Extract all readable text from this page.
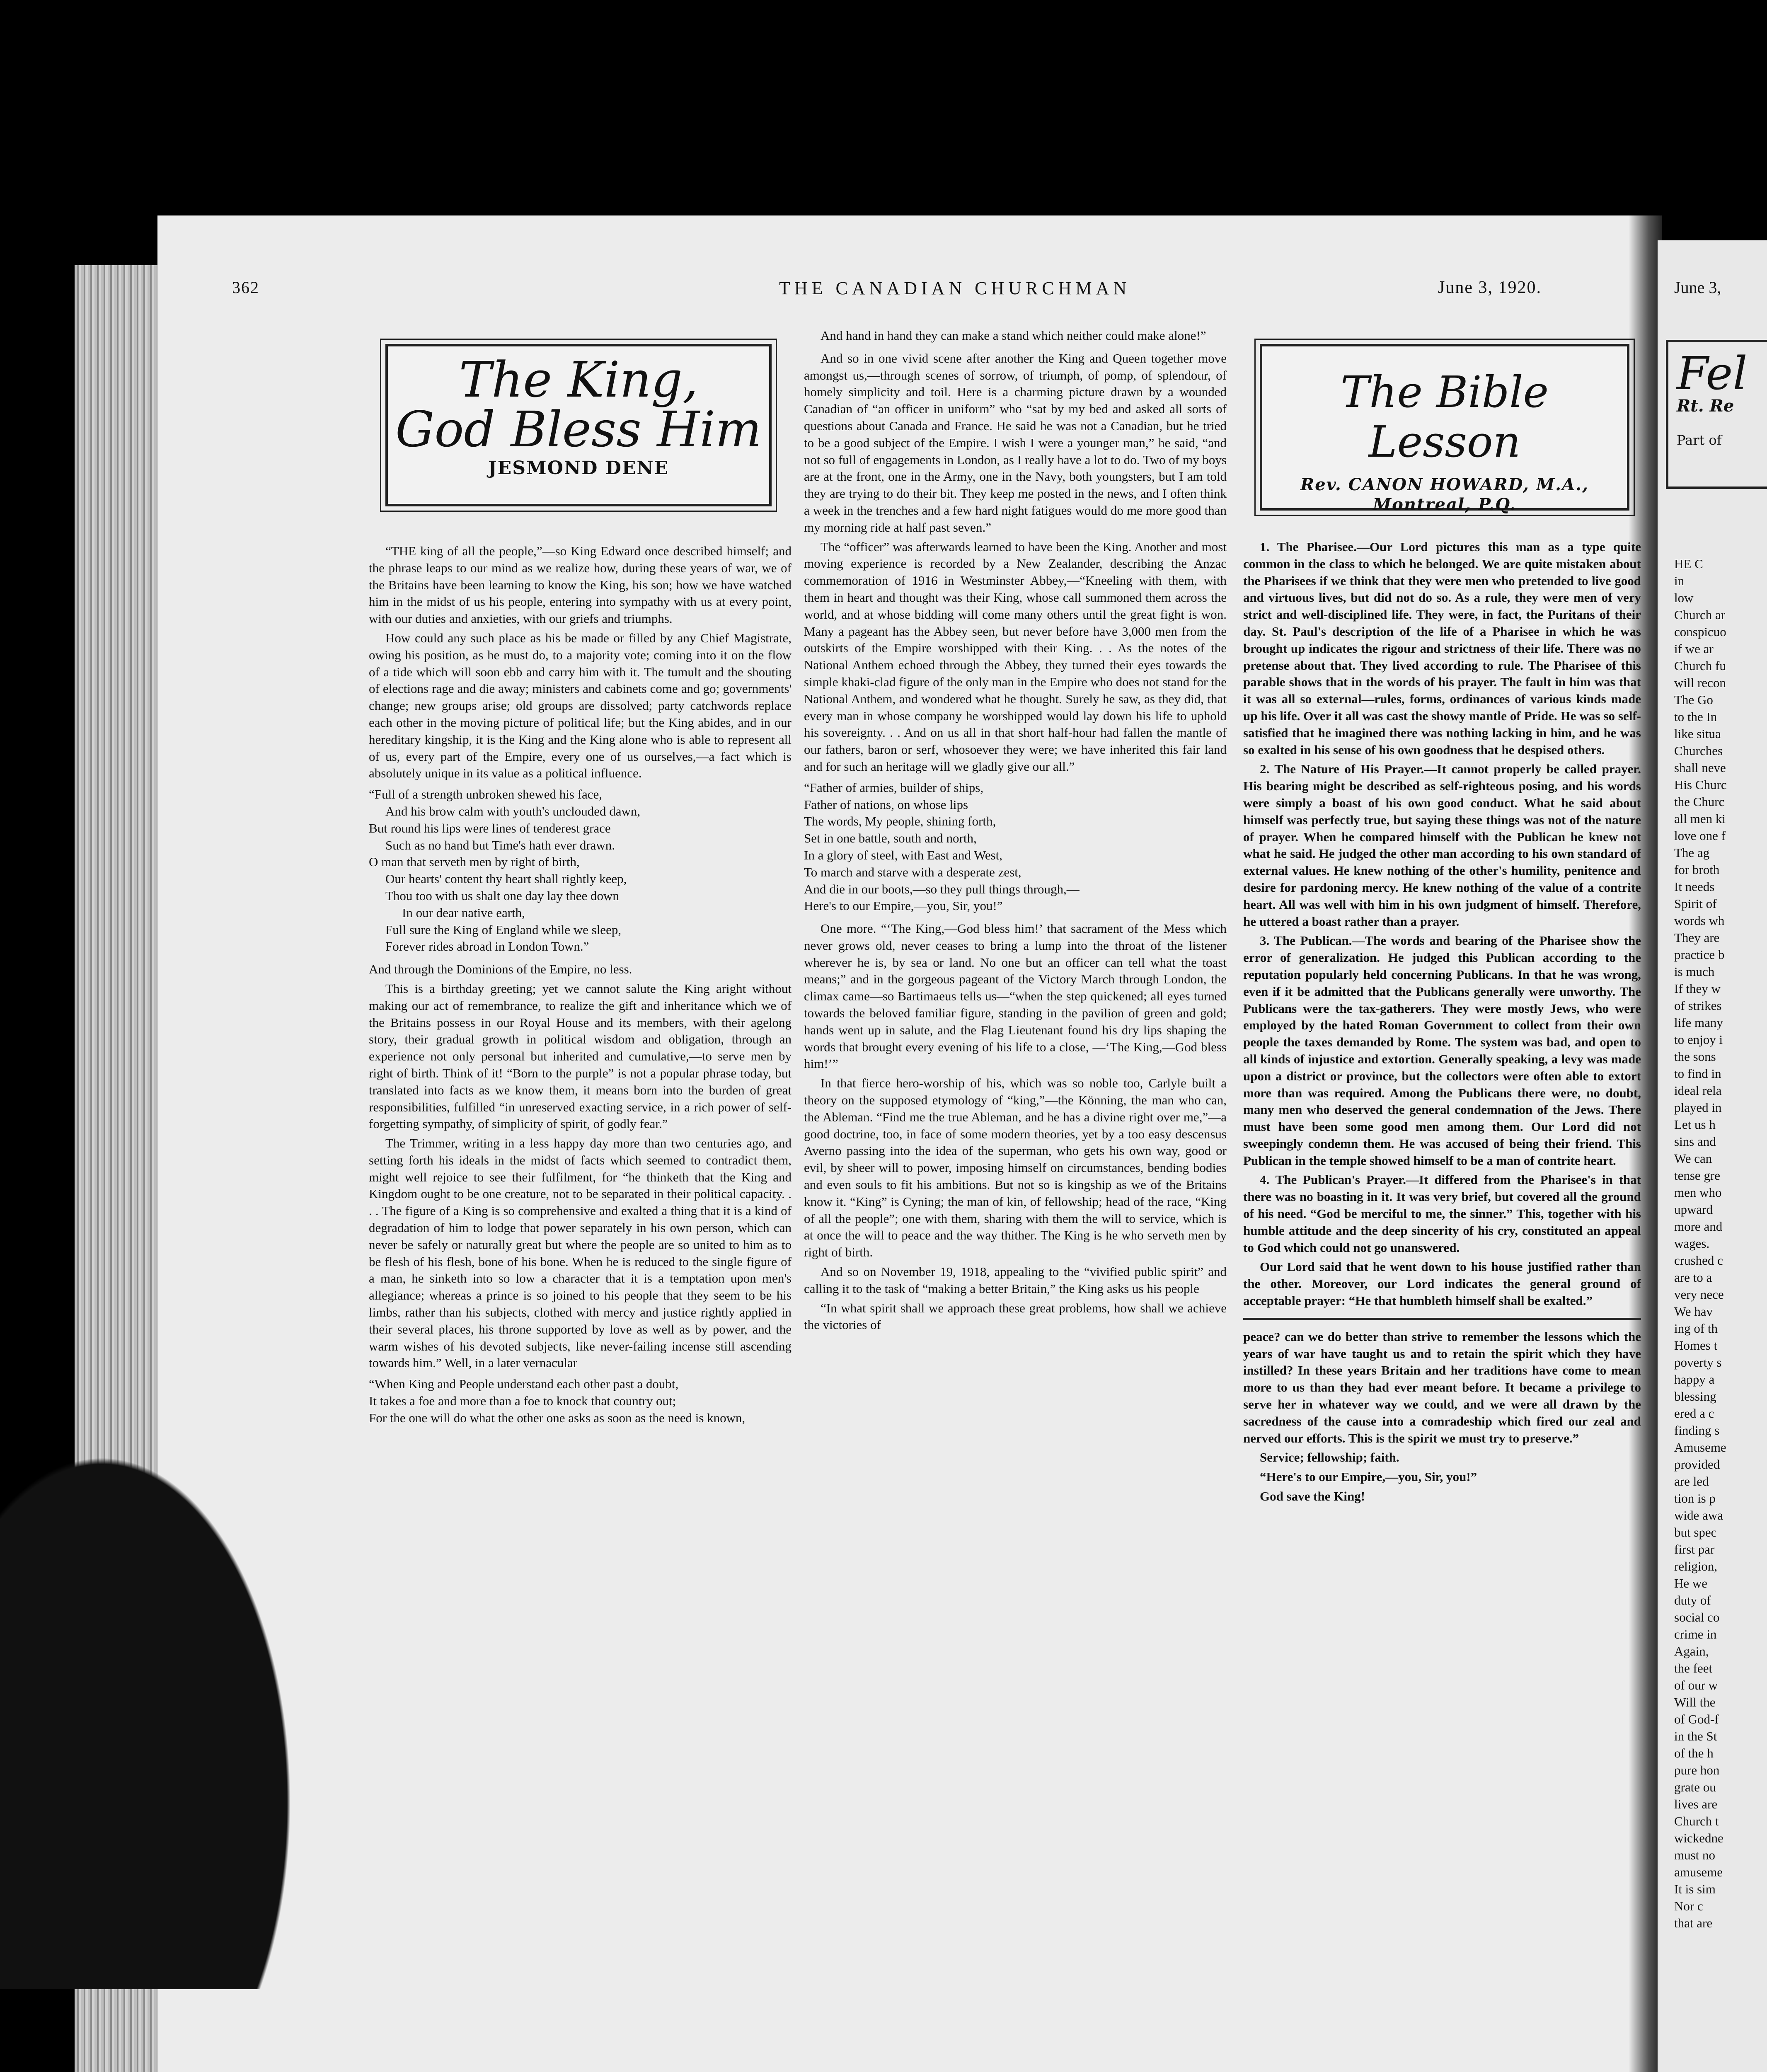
362	THE CANADIAN CHURCHMAN	June 3, 1920.
The King,
God Bless Him
JESMOND DENE

“THE king of all the people,”—so King Edward once described himself; and the phrase leaps to our mind as we realize how, during these years of war, we of the Britains have been learning to know the King, his son; how we have watched him in the midst of us his people, entering into sympathy with us at every point, with our duties and anxieties, with our griefs and triumphs.

How could any such place as his be made or filled by any Chief Magistrate, owing his position, as he must do, to a majority vote; coming into it on the flow of a tide which will soon ebb and carry him with it. The tumult and the shouting of elections rage and die away; ministers and cabinets come and go; governments' change; new groups arise; old groups are dissolved; party catchwords replace each other in the moving picture of political life; but the King abides, and in our hereditary kingship, it is the King and the King alone who is able to represent all of us, every part of the Empire, every one of us ourselves,—a fact which is absolutely unique in its value as a political influence.

“Full of a strength unbroken shewed his face,
And his brow calm with youth's unclouded dawn,
But round his lips were lines of tenderest grace
Such as no hand but Time's hath ever drawn.
O man that serveth men by right of birth,
Our hearts' content thy heart shall rightly keep,
Thou too with us shalt one day lay thee down
In our dear native earth,
Full sure the King of England while we sleep,
Forever rides abroad in London Town.”

And through the Dominions of the Empire, no less.

This is a birthday greeting; yet we cannot salute the King aright without making our act of remembrance, to realize the gift and inheritance which we of the Britains possess in our Royal House and its members, with their agelong story, their gradual growth in political wisdom and obligation, through an experience not only personal but inherited and cumulative,—to serve men by right of birth. Think of it! “Born to the purple” is not a popular phrase today, but translated into facts as we know them, it means born into the burden of great responsibilities, fulfilled “in unreserved exacting service, in a rich power of self-forgetting sympathy, of simplicity of spirit, of godly fear.”

The Trimmer, writing in a less happy day more than two centuries ago, and setting forth his ideals in the midst of facts which seemed to contradict them, might well rejoice to see their fulfilment, for “he thinketh that the King and Kingdom ought to be one creature, not to be separated in their political capacity. . . . The figure of a King is so comprehensive and exalted a thing that it is a kind of degradation of him to lodge that power separately in his own person, which can never be safely or naturally great but where the people are so united to him as to be flesh of his flesh, bone of his bone. When he is reduced to the single figure of a man, he sinketh into so low a character that it is a temptation upon men's allegiance; whereas a prince is so joined to his people that they seem to be his limbs, rather than his subjects, clothed with mercy and justice rightly applied in their several places, his throne supported by love as well as by power, and the warm wishes of his devoted subjects, like never-failing incense still ascending towards him.” Well, in a later vernacular

“When King and People understand each other past a doubt,
It takes a foe and more than a foe to knock that country out;
For the one will do what the other one asks as soon as the need is known,
And hand in hand they can make a stand which neither could make alone!”

And so in one vivid scene after another the King and Queen together move amongst us,—through scenes of sorrow, of triumph, of pomp, of splendour, of homely simplicity and toil. Here is a charming picture drawn by a wounded Canadian of “an officer in uniform” who “sat by my bed and asked all sorts of questions about Canada and France. He said he was not a Canadian, but he tried to be a good subject of the Empire. I wish I were a younger man,” he said, “and not so full of engagements in London, as I really have a lot to do. Two of my boys are at the front, one in the Army, one in the Navy, both youngsters, but I am told they are trying to do their bit. They keep me posted in the news, and I often think a week in the trenches and a few hard night fatigues would do me more good than my morning ride at half past seven.”

The “officer” was afterwards learned to have been the King. Another and most moving experience is recorded by a New Zealander, describing the Anzac commemoration of 1916 in Westminster Abbey,—“Kneeling with them, with them in heart and thought was their King, whose call summoned them across the world, and at whose bidding will come many others until the great fight is won. Many a pageant has the Abbey seen, but never before have 3,000 men from the outskirts of the Empire worshipped with their King. . . As the notes of the National Anthem echoed through the Abbey, they turned their eyes towards the simple khaki-clad figure of the only man in the Empire who does not stand for the National Anthem, and wondered what he thought. Surely he saw, as they did, that every man in whose company he worshipped would lay down his life to uphold his sovereignty. . . And on us all in that short half-hour had fallen the mantle of our fathers, baron or serf, whosoever they were; we have inherited this fair land and for such an heritage will we gladly give our all.”

“Father of armies, builder of ships,
Father of nations, on whose lips
The words, My people, shining forth,
Set in one battle, south and north,
In a glory of steel, with East and West,
To march and starve with a desperate zest,
And die in our boots,—so they pull things through,—
Here's to our Empire,—you, Sir, you!”

One more. “‘The King,—God bless him!’ that sacrament of the Mess which never grows old, never ceases to bring a lump into the throat of the listener wherever he is, by sea or land. No one but an officer can tell what the toast means;” and in the gorgeous pageant of the Victory March through London, the climax came—so Bartimaeus tells us—“when the step quickened; all eyes turned towards the beloved familiar figure, standing in the pavilion of green and gold; hands went up in salute, and the Flag Lieutenant found his dry lips shaping the words that brought every evening of his life to a close, —‘The King,—God bless him!’”

In that fierce hero-worship of his, which was so noble too, Carlyle built a theory on the supposed etymology of “king,”—the Könning, the man who can, the Ableman. “Find me the true Ableman, and he has a divine right over me,”—a good doctrine, too, in face of some modern theories, yet by a too easy descensus Averno passing into the idea of the superman, who gets his own way, good or evil, by sheer will to power, imposing himself on circumstances, bending bodies and even souls to fit his ambitions. But not so is kingship as we of the Britains know it. “King” is Cyning; the man of kin, of fellowship; head of the race, “King of all the people”; one with them, sharing with them the will to service, which is at once the will to peace and the way thither. The King is he who serveth men by right of birth.

And so on November 19, 1918, appealing to the “vivified public spirit” and calling it to the task of “making a better Britain,” the King asks us his people

“In what spirit shall we approach these great problems, how shall we achieve the victories of

The Bible Lesson
Rev. CANON HOWARD, M.A.,
Montreal, P.Q.

1. The Pharisee.—Our Lord pictures this man as a type quite common in the class to which he belonged. We are quite mistaken about the Pharisees if we think that they were men who pretended to live good and virtuous lives, but did not do so. As a rule, they were men of very strict and well-disciplined life. They were, in fact, the Puritans of their day. St. Paul's description of the life of a Pharisee in which he was brought up indicates the rigour and strictness of their life. There was no pretense about that. They lived according to rule. The Pharisee of this parable shows that in the words of his prayer. The fault in him was that it was all so external—rules, forms, ordinances of various kinds made up his life. Over it all was cast the showy mantle of Pride. He was so self-satisfied that he imagined there was nothing lacking in him, and he was so exalted in his sense of his own goodness that he despised others.

2. The Nature of His Prayer.—It cannot properly be called prayer. His bearing might be described as self-righteous posing, and his words were simply a boast of his own good conduct. What he said about himself was perfectly true, but saying these things was not of the nature of prayer. When he compared himself with the Publican he knew not what he said. He judged the other man according to his own standard of external values. He knew nothing of the other's humility, penitence and desire for pardoning mercy. He knew nothing of the value of a contrite heart. All was well with him in his own judgment of himself. Therefore, he uttered a boast rather than a prayer.

3. The Publican.—The words and bearing of the Pharisee show the error of generalization. He judged this Publican according to the reputation popularly held concerning Publicans. In that he was wrong, even if it be admitted that the Publicans generally were unworthy. The Publicans were the tax-gatherers. They were mostly Jews, who were employed by the hated Roman Government to collect from their own people the taxes demanded by Rome. The system was bad, and open to all kinds of injustice and extortion. Generally speaking, a levy was made upon a district or province, but the collectors were often able to extort more than was required. Among the Publicans there were, no doubt, many men who deserved the general condemnation of the Jews. There must have been some good men among them. Our Lord did not sweepingly condemn them. He was accused of being their friend. This Publican in the temple showed himself to be a man of contrite heart.

4. The Publican's Prayer.—It differed from the Pharisee's in that there was no boasting in it. It was very brief, but covered all the ground of his need. “God be merciful to me, the sinner.” This, together with his humble attitude and the deep sincerity of his cry, constituted an appeal to God which could not go unanswered.

Our Lord said that he went down to his house justified rather than the other. Moreover, our Lord indicates the general ground of acceptable prayer: “He that humbleth himself shall be exalted.”

peace? can we do better than strive to remember the lessons which the years of war have taught us and to retain the spirit which they have instilled? In these years Britain and her traditions have come to mean more to us than they had ever meant before. It became a privilege to serve her in whatever way we could, and we were all drawn by the sacredness of the cause into a comradeship which fired our zeal and nerved our efforts. This is the spirit we must try to preserve.”

Service; fellowship; faith.

“Here's to our Empire,—you, Sir, you!”

God save the King!

June 3,
Fel
Rt. Re
Part of
HE C
in
low
Church ar
conspicuo
if we ar
Church fu
will recon
The Go
to the In
like situa
Churches
shall neve
His Churc
the Churc
all men ki
love one f
The ag
for broth
It needs
Spirit of
words wh
They are
practice b
is much
If they w
of strikes
life many
to enjoy i
the sons
to find in
ideal rela
played in
Let us h
sins and
We can
tense gre
men who
upward
more and
wages.
crushed c
are to a
very nece
We hav
ing of th
Homes t
poverty s
happy a
blessing
ered a c
finding s
Amuseme
provided
are led
tion is p
wide awa
but spec
first par
religion,
He we
duty of
social co
crime in
Again,
the feet
of our w
Will the
of God-f
in the St
of the h
pure hon
grate ou
lives are
Church t
wickedne
must no
amuseme
It is sim
Nor c
that are
